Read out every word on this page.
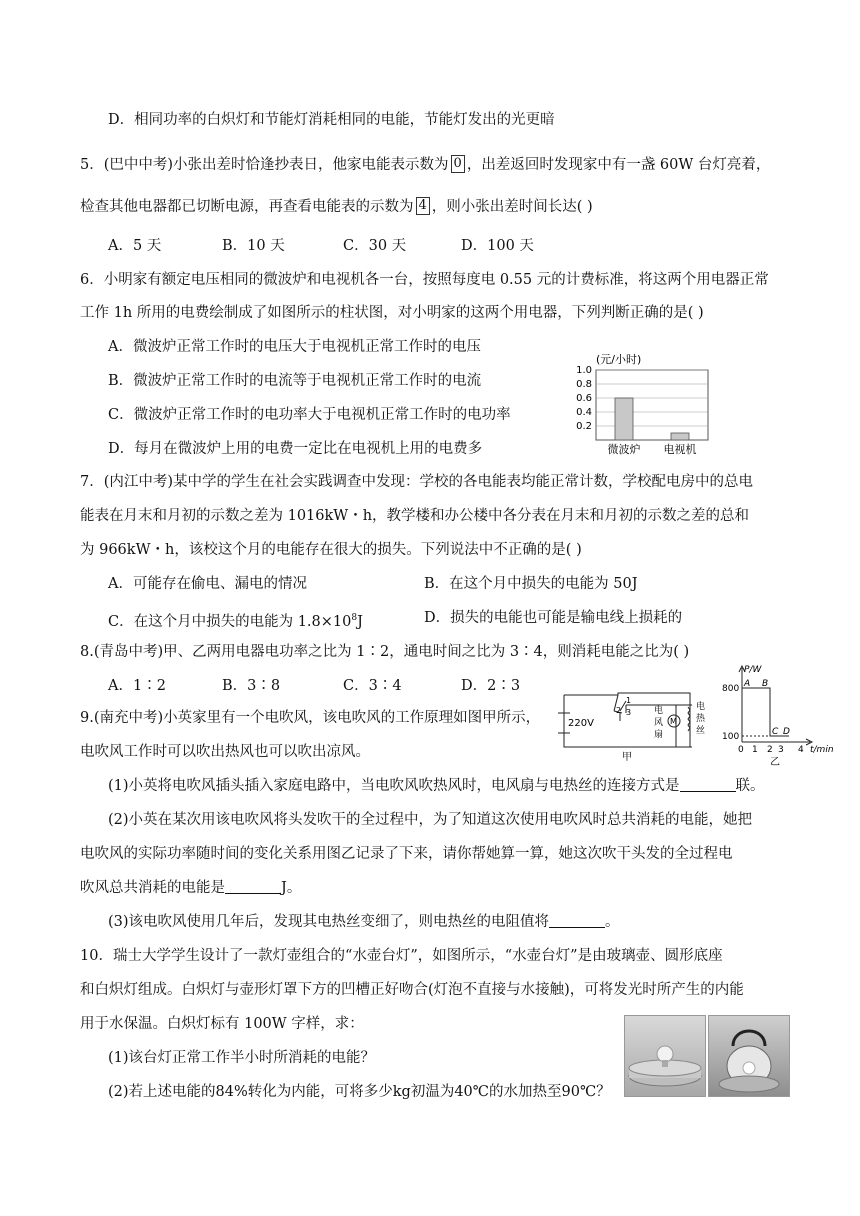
D．相同功率的白炽灯和节能灯消耗相同的电能，节能灯发出的光更暗
5．(巴中中考)小张出差时恰逢抄表日，他家电能表示数为 0 ，出差返回时发现家中有一盏 60W 台灯亮着，
检查其他电器都已切断电源，再查看电能表的示数为 4 ，则小张出差时间长达( )
A．5 天	B．10 天	C．30 天	D．100 天
6．小明家有额定电压相同的微波炉和电视机各一台，按照每度电 0.55 元的计费标准，将这两个用电器正常
工作 1h 所用的电费绘制成了如图所示的柱状图，对小明家的这两个用电器，下列判断正确的是( )
A．微波炉正常工作时的电压大于电视机正常工作时的电压
B．微波炉正常工作时的电流等于电视机正常工作时的电流
C．微波炉正常工作时的电功率大于电视机正常工作时的电功率
D．每月在微波炉上用的电费一定比在电视机上用的电费多
(元/小时)
0.2
0.4
0.6
0.8
1.0
微波炉 电视机
7．(内江中考)某中学的学生在社会实践调查中发现：学校的各电能表均能正常计数，学校配电房中的总电
能表在月末和月初的示数之差为 1016kW・h，教学楼和办公楼中各分表在月末和月初的示数之差的总和
为 966kW・h，该校这个月的电能存在很大的损失。下列说法中不正确的是( )
A．可能存在偷电、漏电的情况	B．在这个月中损失的电能为 50J
C．在这个月中损失的电能为 $1.8\times 10^8J$	D．损失的电能也可能是输电线上损耗的
8.(青岛中考)甲、乙两用电器电功率之比为 1∶2，通电时间之比为 3∶4，则消耗电能之比为( )
A．1∶2	B．3∶8	C．3∶4	D．2∶3
9.(南充中考)小英家里有一个电吹风，该电吹风的工作原理如图甲所示，
电吹风工作时可以吹出热风也可以吹出凉风。
(1)小英将电吹风插头插入家庭电路中，当电吹风吹热风时，电风扇与电热丝的连接方式是	联。
(2)小英在某次用该电吹风将头发吹干的全过程中，为了知道这次使用电吹风时总共消耗的电能，她把
电吹风的实际功率随时间的变化关系用图乙记录了下来，请你帮她算一算，她这次吹干头发的全过程电
吹风总共消耗的电能是	J。
(3)该电吹风使用几年后，发现其电热丝变细了，则电热丝的电阻值将	。
220V
1
2 3
M
电
风
扇
电
热
丝
甲
P/W
800
100
A B
C D
0 1 2 3 4 t/min
乙
10．瑞士大学学生设计了一款灯壶组合的“水壶台灯”，如图所示，“水壶台灯”是由玻璃壶、圆形底座
和白炽灯组成。白炽灯与壶形灯罩下方的凹槽正好吻合(灯泡不直接与水接触)，可将发光时所产生的内能
用于水保温。白炽灯标有 100W 字样，求：
(1)该台灯正常工作半小时所消耗的电能？
(2)若上述电能的84%转化为内能，可将多少kg初温为40℃的水加热至90℃？
